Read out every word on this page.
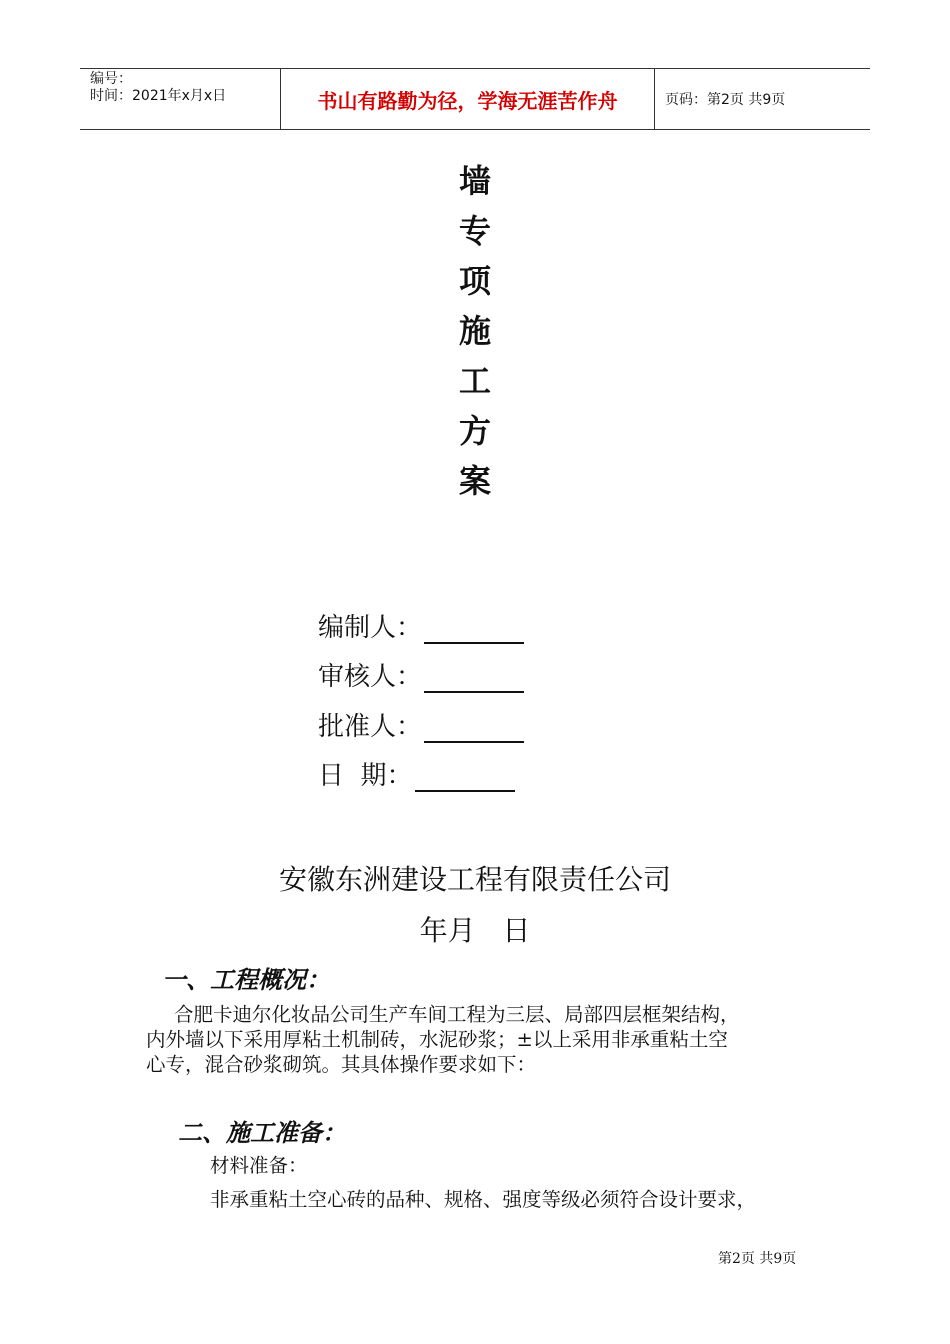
编号：
时间：2021年x月x日	书山有路勤为径，学海无涯苦作舟	页码：第2页 共9页
墙
专
项
施
工
方
案
编制人：
审核人：
批准人：
日  期：
安徽东洲建设工程有限责任公司
年月   日
一、工程概况：
合肥卡迪尔化妆品公司生产车间工程为三层、局部四层框架结构，
内外墙以下采用厚粘土机制砖，水泥砂浆；±以上采用非承重粘土空
心专，混合砂浆砌筑。其具体操作要求如下：
二、施工准备：
材料准备：
非承重粘土空心砖的品种、规格、强度等级必须符合设计要求，
第2页 共9页
